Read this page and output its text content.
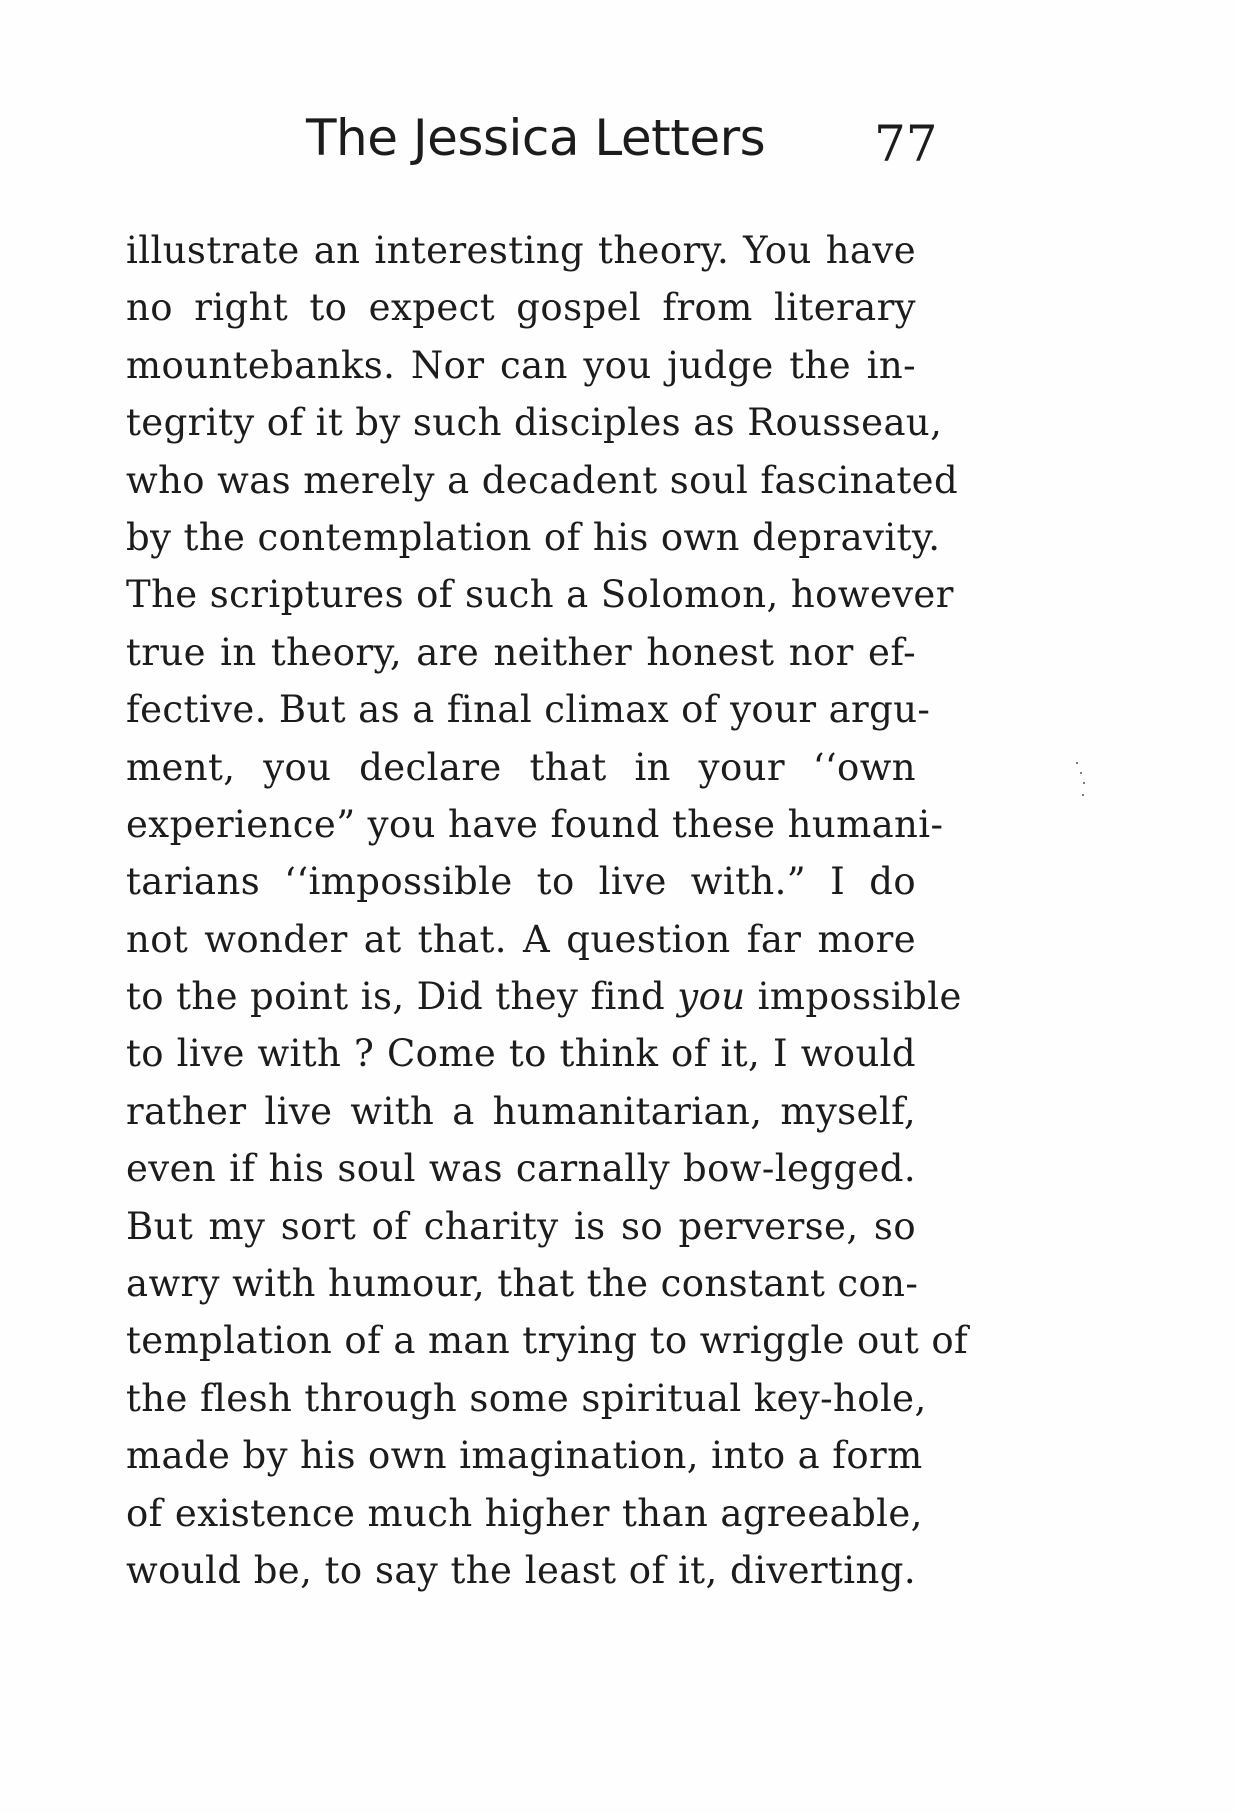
The Jessica Letters 77
illustrate an interesting theory. You have
no right to expect gospel from literary
mountebanks. Nor can you judge the in-
tegrity of it by such disciples as Rousseau,
who was merely a decadent soul fascinated
by the contemplation of his own depravity.
The scriptures of such a Solomon, however
true in theory, are neither honest nor ef-
fective. But as a final climax of your argu-
ment, you declare that in your ‘‘own
experience” you have found these humani-
tarians ‘‘impossible to live with.” I do
not wonder at that. A question far more
to the point is, Did they find you impossible
to live with ? Come to think of it, I would
rather live with a humanitarian, myself,
even if his soul was carnally bow-legged.
But my sort of charity is so perverse, so
awry with humour, that the constant con-
templation of a man trying to wriggle out of
the flesh through some spiritual key-hole,
made by his own imagination, into a form
of existence much higher than agreeable,
would be, to say the least of it, diverting.
